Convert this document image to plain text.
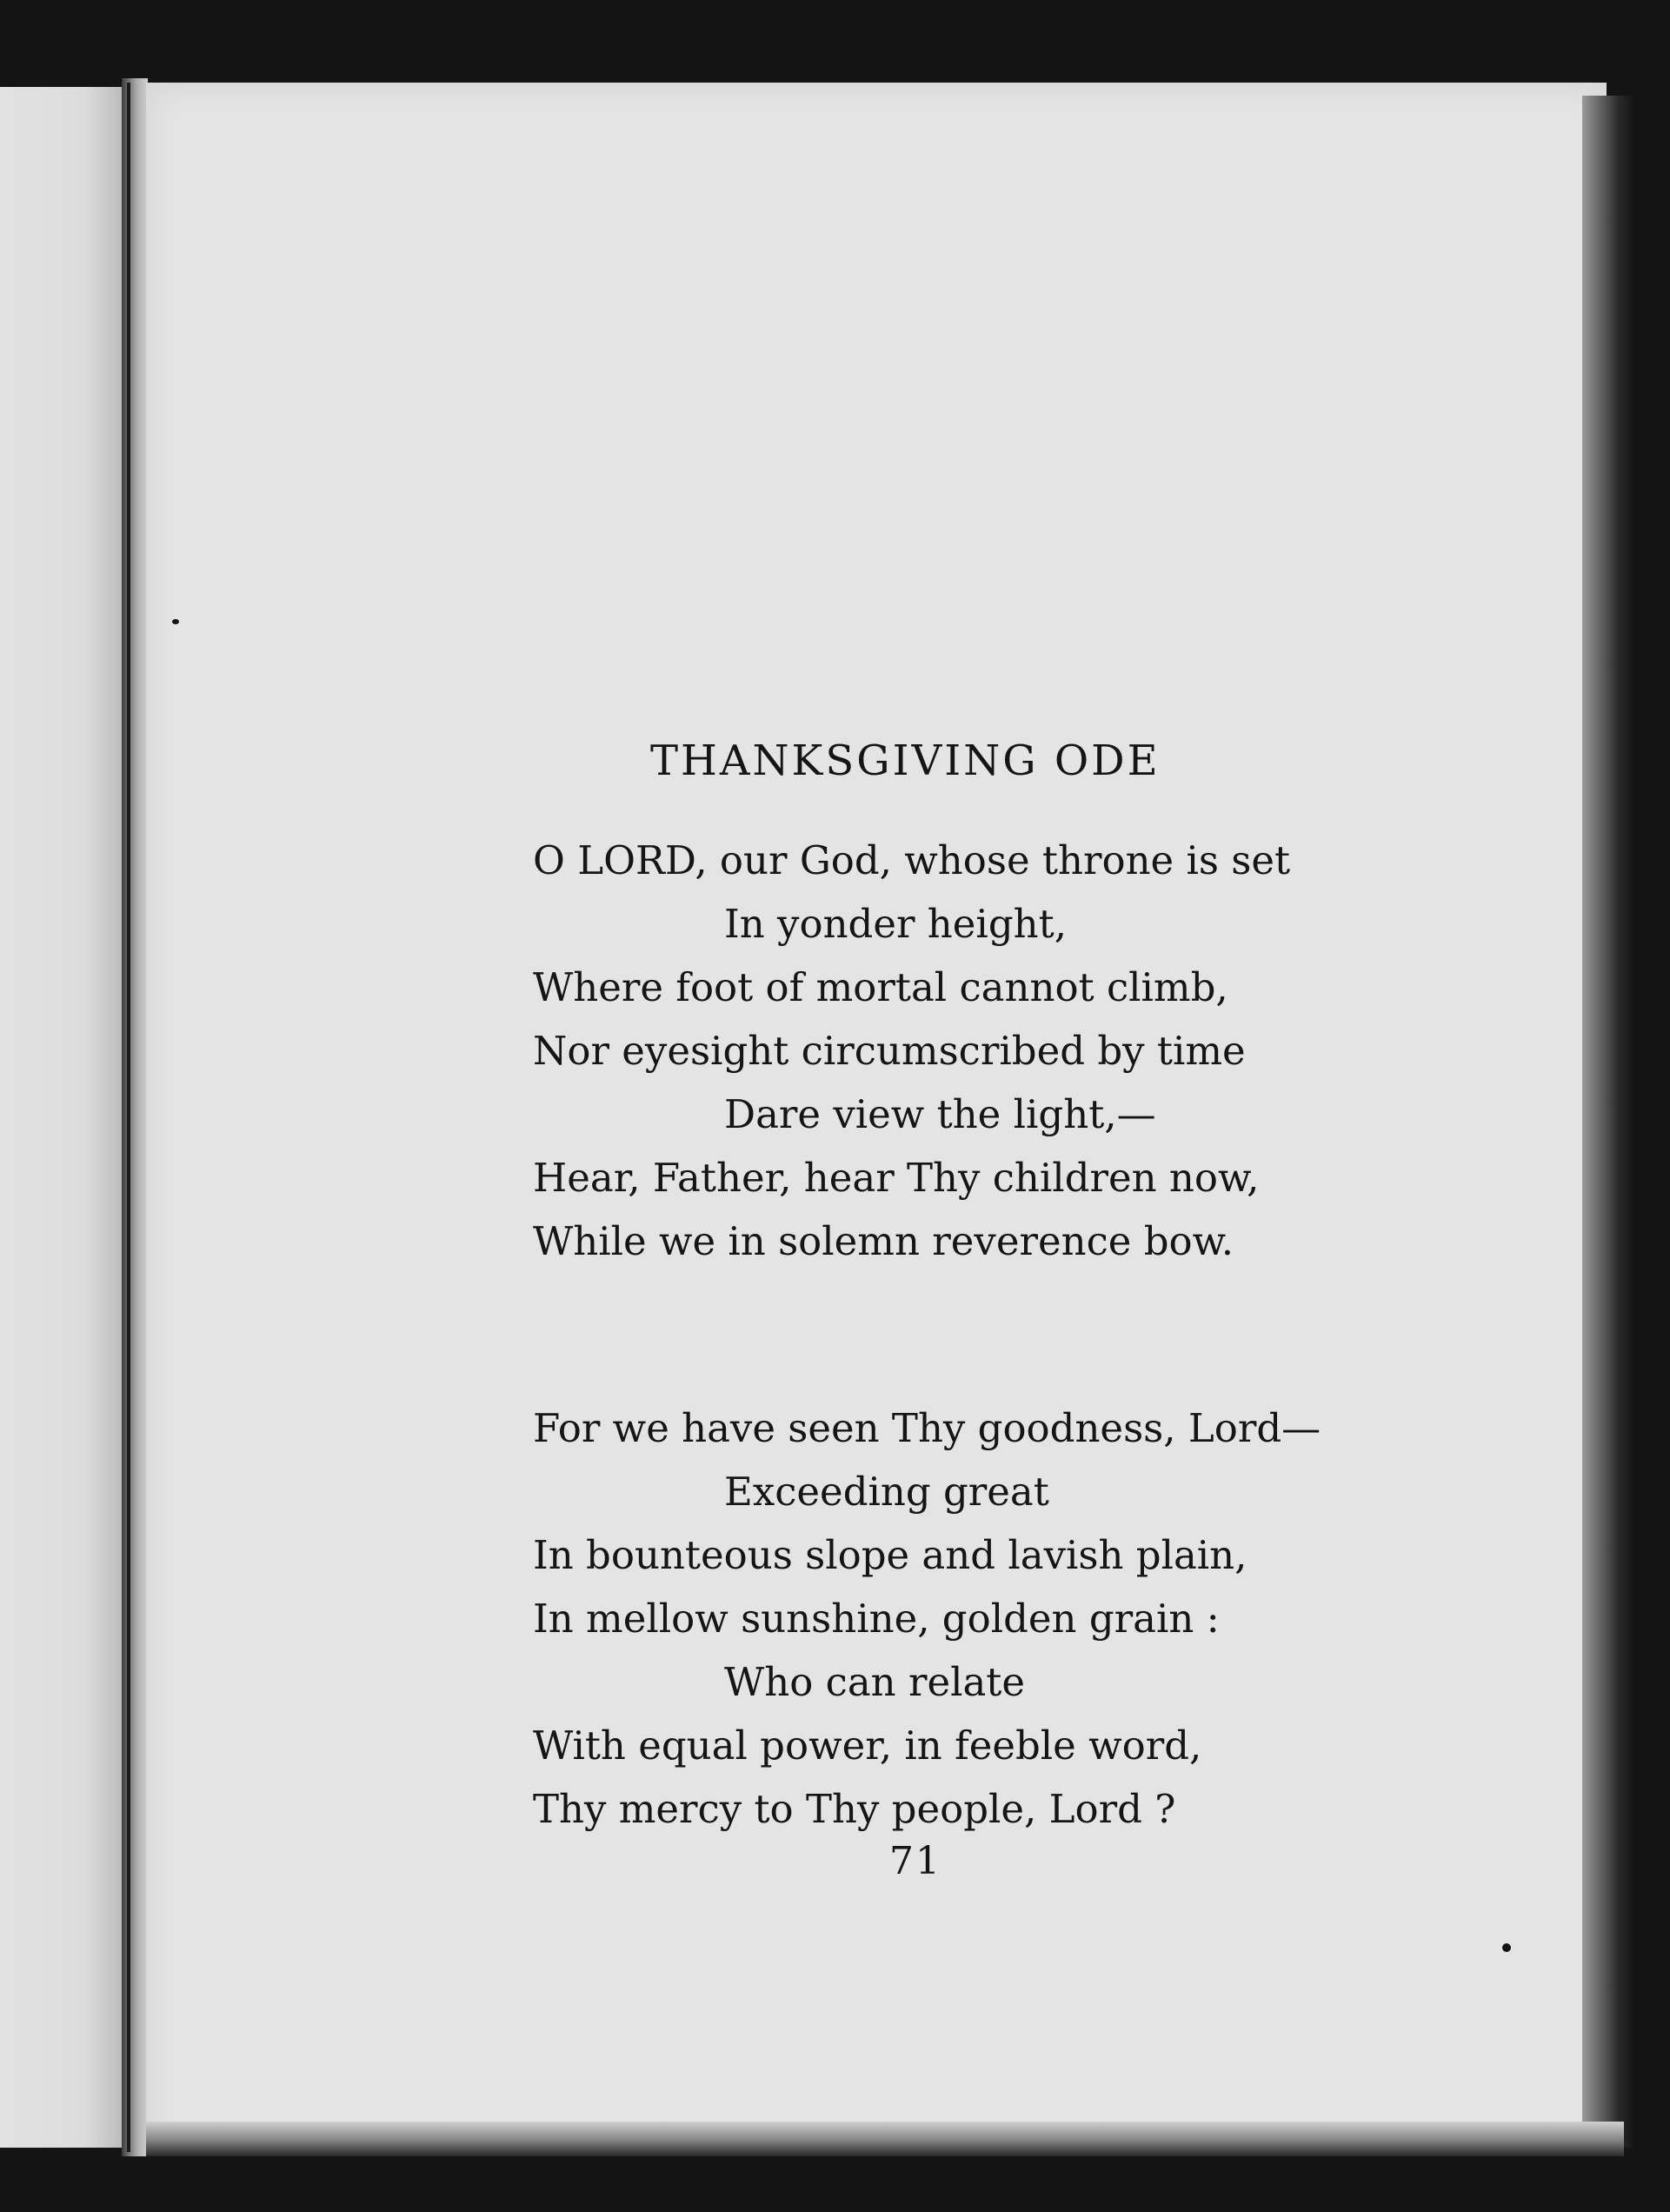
THANKSGIVING ODE
O LORD, our God, whose throne is set
In yonder height,
Where foot of mortal cannot climb,
Nor eyesight circumscribed by time
Dare view the light,—
Hear, Father, hear Thy children now,
While we in solemn reverence bow.
For we have seen Thy goodness, Lord—
Exceeding great
In bounteous slope and lavish plain,
In mellow sunshine, golden grain :
Who can relate
With equal power, in feeble word,
Thy mercy to Thy people, Lord ?
71
